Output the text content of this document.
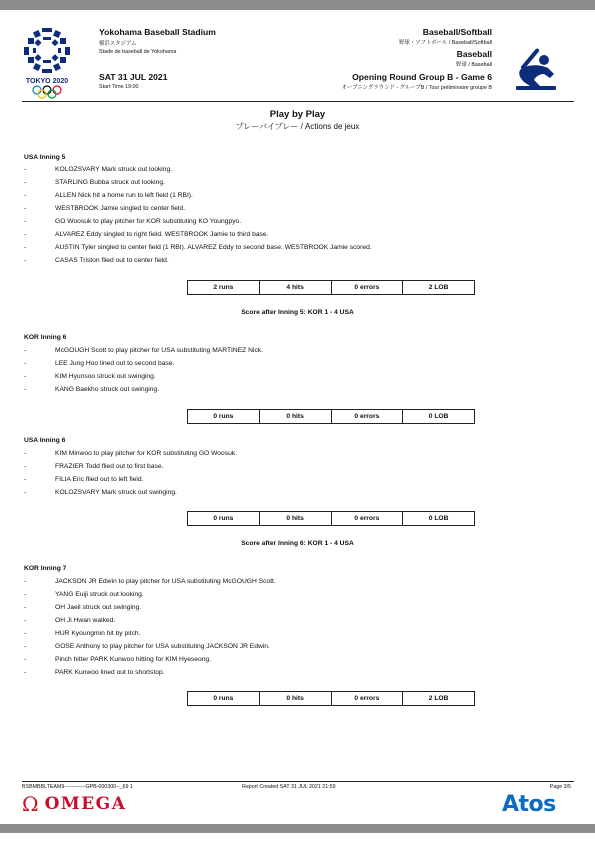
TOKYO 2020
Yokohama Baseball Stadium
横浜スタジアム
Stade de baseball de Yokohama
SAT 31 JUL 2021
Start Time 19:00
Baseball/Softball
野球・ソフトボール / Baseball/Softball
Baseball
野球 / Baseball
Opening Round Group B - Game 6
オープニングラウンド - グループB / Tour préliminaire groupe B
Play by Play
プレーバイプレー / Actions de jeux
USA Inning 5
-	KOLOZSVARY Mark struck out looking.
-	STARLING Bubba struck out looking.
-	ALLEN Nick hit a home run to left field (1 RBI).
-	WESTBROOK Jamie singled to center field.
-	GO Woosuk to play pitcher for KOR substituting KO Youngpyo.
-	ALVAREZ Eddy singled to right field. WESTBROOK Jamie to third base.
-	AUSTIN Tyler singled to center field (1 RBI). ALVAREZ Eddy to second base. WESTBROOK Jamie scored.
-	CASAS Triston flied out to center field.
2 runs	4 hits	0 errors	2 LOB
Score after Inning 5: KOR 1 - 4 USA
KOR Inning 6
-	McGOUGH Scott to play pitcher for USA substituting MARTINEZ Nick.
-	LEE Jung Hoo lined out to second base.
-	KIM Hyunsoo struck out swinging.
-	KANG Baekho struck out swinging.
0 runs	0 hits	0 errors	0 LOB
USA Inning 6
-	KIM Minwoo to play pitcher for KOR substituting GO Woosuk.
-	FRAZIER Todd flied out to first base.
-	FILIA Eric flied out to left field.
-	KOLOZSVARY Mark struck out swinging.
0 runs	0 hits	0 errors	0 LOB
Score after Inning 6: KOR 1 - 4 USA
KOR Inning 7
-	JACKSON JR Edwin to play pitcher for USA substituting McGOUGH Scott.
-	YANG Euiji struck out looking.
-	OH Jaeil struck out swinging.
-	OH Ji Hwan walked.
-	HUR Kyoungmin hit by pitch.
-	GOSE Anthony to play pitcher for USA substituting JACKSON JR Edwin.
-	Pinch hitter PARK Kunwoo hitting for KIM Hyeseong.
-	PARK Kunwoo lined out to shortstop.
0 runs	0 hits	0 errors	2 LOB
BSBMBBLTEAM9------------GPB-000300--_69 1	Report Created SAT 31 JUL 2021 21:59	Page 3/5
Ω OMEGA	Atos
